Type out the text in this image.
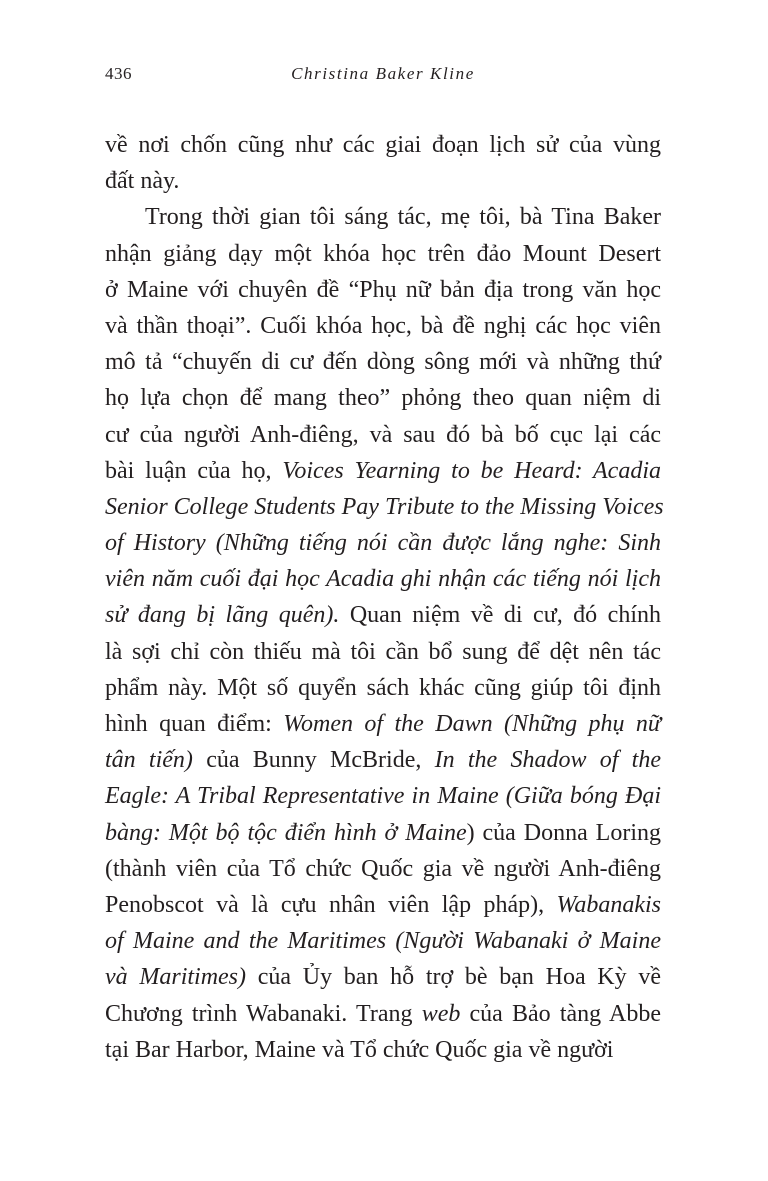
436	Christina Baker Kline
về nơi chốn cũng như các giai đoạn lịch sử của vùng
đất này.
Trong thời gian tôi sáng tác, mẹ tôi, bà Tina Baker
nhận giảng dạy một khóa học trên đảo Mount Desert
ở Maine với chuyên đề “Phụ nữ bản địa trong văn học
và thần thoại”. Cuối khóa học, bà đề nghị các học viên
mô tả “chuyến di cư đến dòng sông mới và những thứ
họ lựa chọn để mang theo” phỏng theo quan niệm di
cư của người Anh-điêng, và sau đó bà bố cục lại các
bài luận của họ, Voices Yearning to be Heard: Acadia
Senior College Students Pay Tribute to the Missing Voices
of History (Những tiếng nói cần được lắng nghe: Sinh
viên năm cuối đại học Acadia ghi nhận các tiếng nói lịch
sử đang bị lãng quên). Quan niệm về di cư, đó chính
là sợi chỉ còn thiếu mà tôi cần bổ sung để dệt nên tác
phẩm này. Một số quyển sách khác cũng giúp tôi định
hình quan điểm: Women of the Dawn (Những phụ nữ
tân tiến) của Bunny McBride, In the Shadow of the
Eagle: A Tribal Representative in Maine (Giữa bóng Đại
bàng: Một bộ tộc điển hình ở Maine) của Donna Loring
(thành viên của Tổ chức Quốc gia về người Anh-điêng
Penobscot và là cựu nhân viên lập pháp), Wabanakis
of Maine and the Maritimes (Người Wabanaki ở Maine
và Maritimes) của Ủy ban hỗ trợ bè bạn Hoa Kỳ về
Chương trình Wabanaki. Trang web của Bảo tàng Abbe
tại Bar Harbor, Maine và Tổ chức Quốc gia về người
